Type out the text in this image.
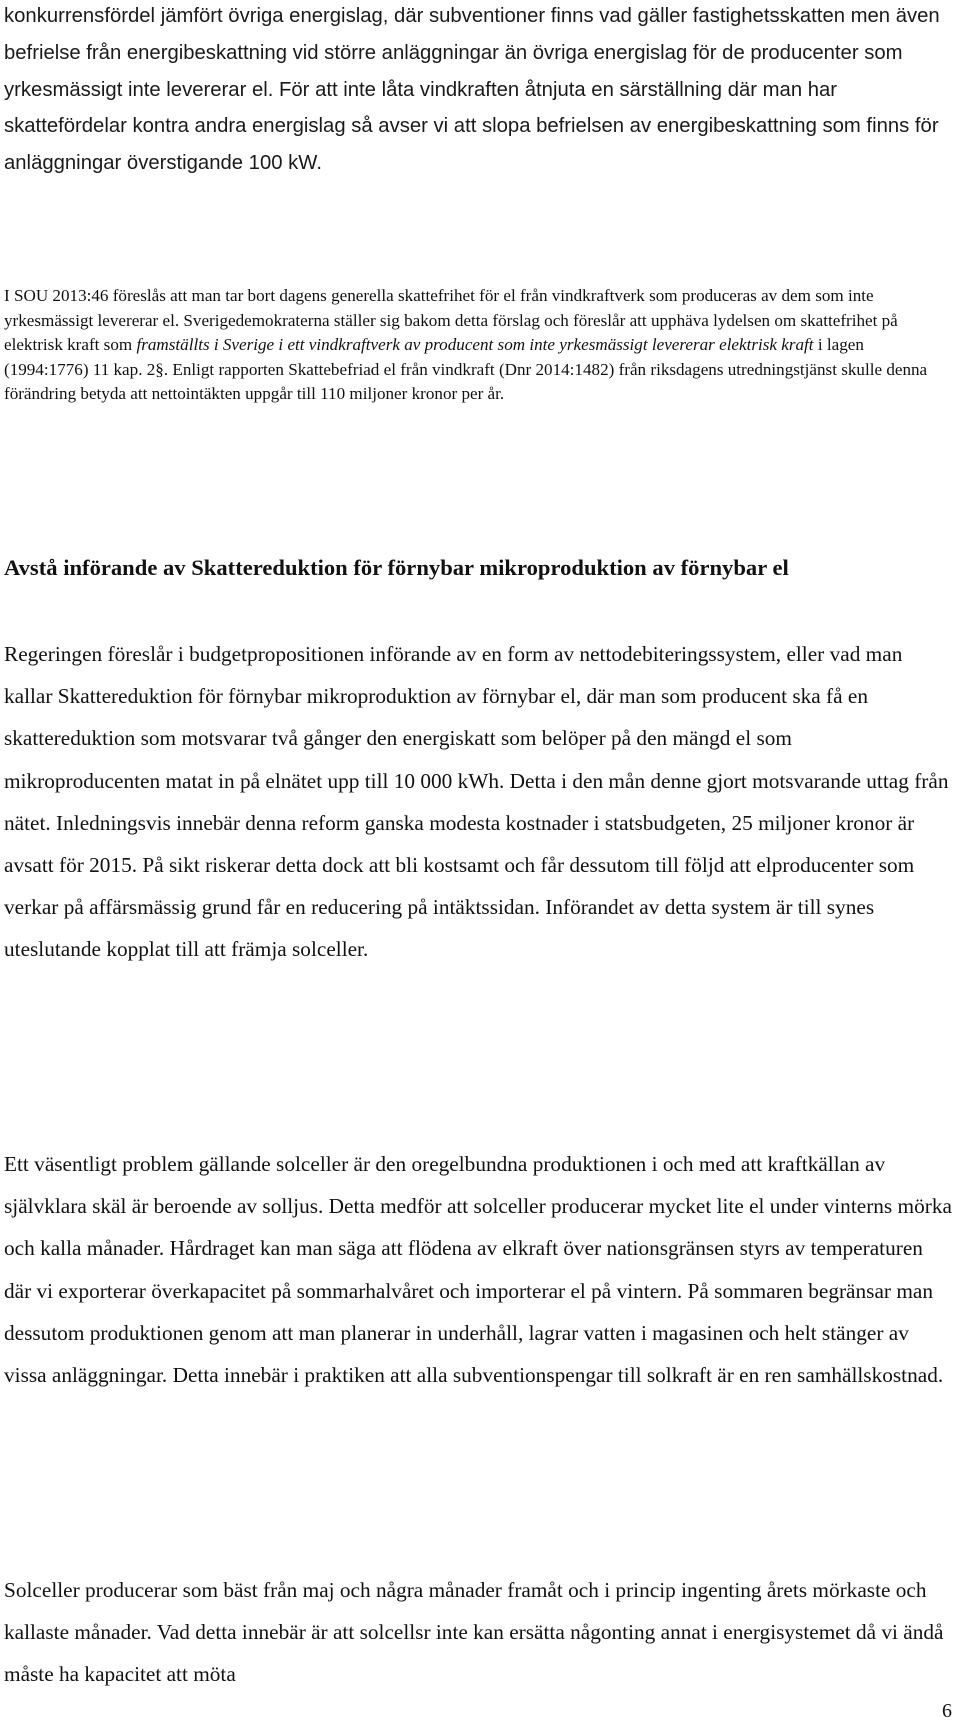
konkurrensfördel jämfört övriga energislag, där subventioner finns vad gäller fastighetsskatten men även befrielse från energibeskattning vid större anläggningar än övriga energislag för de producenter som yrkesmässigt inte levererar el. För att inte låta vindkraften åtnjuta en särställning där man har skattefördelar kontra andra energislag så avser vi att slopa befrielsen av energibeskattning som finns för anläggningar överstigande 100 kW.

I SOU 2013:46 föreslås att man tar bort dagens generella skattefrihet för el från vindkraftverk som produceras av dem som inte yrkesmässigt levererar el. Sverigedemokraterna ställer sig bakom detta förslag och föreslår att upphäva lydelsen om skattefrihet på elektrisk kraft som framställts i Sverige i ett vindkraftverk av producent som inte yrkesmässigt levererar elektrisk kraft i lagen (1994:1776) 11 kap. 2§. Enligt rapporten Skattebefriad el från vindkraft (Dnr 2014:1482) från riksdagens utredningstjänst skulle denna förändring betyda att nettointäkten uppgår till 110 miljoner kronor per år.

Avstå införande av Skattereduktion för förnybar mikroproduktion av förnybar el

Regeringen föreslår i budgetpropositionen införande av en form av nettodebiteringssystem, eller vad man kallar Skattereduktion för förnybar mikroproduktion av förnybar el, där man som producent ska få en skattereduktion som motsvarar två gånger den energiskatt som belöper på den mängd el som mikroproducenten matat in på elnätet upp till 10 000 kWh. Detta i den mån denne gjort motsvarande uttag från nätet. Inledningsvis innebär denna reform ganska modesta kostnader i statsbudgeten, 25 miljoner kronor är avsatt för 2015. På sikt riskerar detta dock att bli kostsamt och får dessutom till följd att elproducenter som verkar på affärsmässig grund får en reducering på intäktssidan. Införandet av detta system är till synes uteslutande kopplat till att främja solceller.

Ett väsentligt problem gällande solceller är den oregelbundna produktionen i och med att kraftkällan av självklara skäl är beroende av solljus. Detta medför att solceller producerar mycket lite el under vinterns mörka och kalla månader. Hårdraget kan man säga att flödena av elkraft över nationsgränsen styrs av temperaturen där vi exporterar överkapacitet på sommarhalvåret och importerar el på vintern. På sommaren begränsar man dessutom produktionen genom att man planerar in underhåll, lagrar vatten i magasinen och helt stänger av vissa anläggningar. Detta innebär i praktiken att alla subventionspengar till solkraft är en ren samhällskostnad.

Solceller producerar som bäst från maj och några månader framåt och i princip ingenting årets mörkaste och kallaste månader. Vad detta innebär är att solcellsr inte kan ersätta någonting annat i energisystemet då vi ändå måste ha kapacitet att möta

6
